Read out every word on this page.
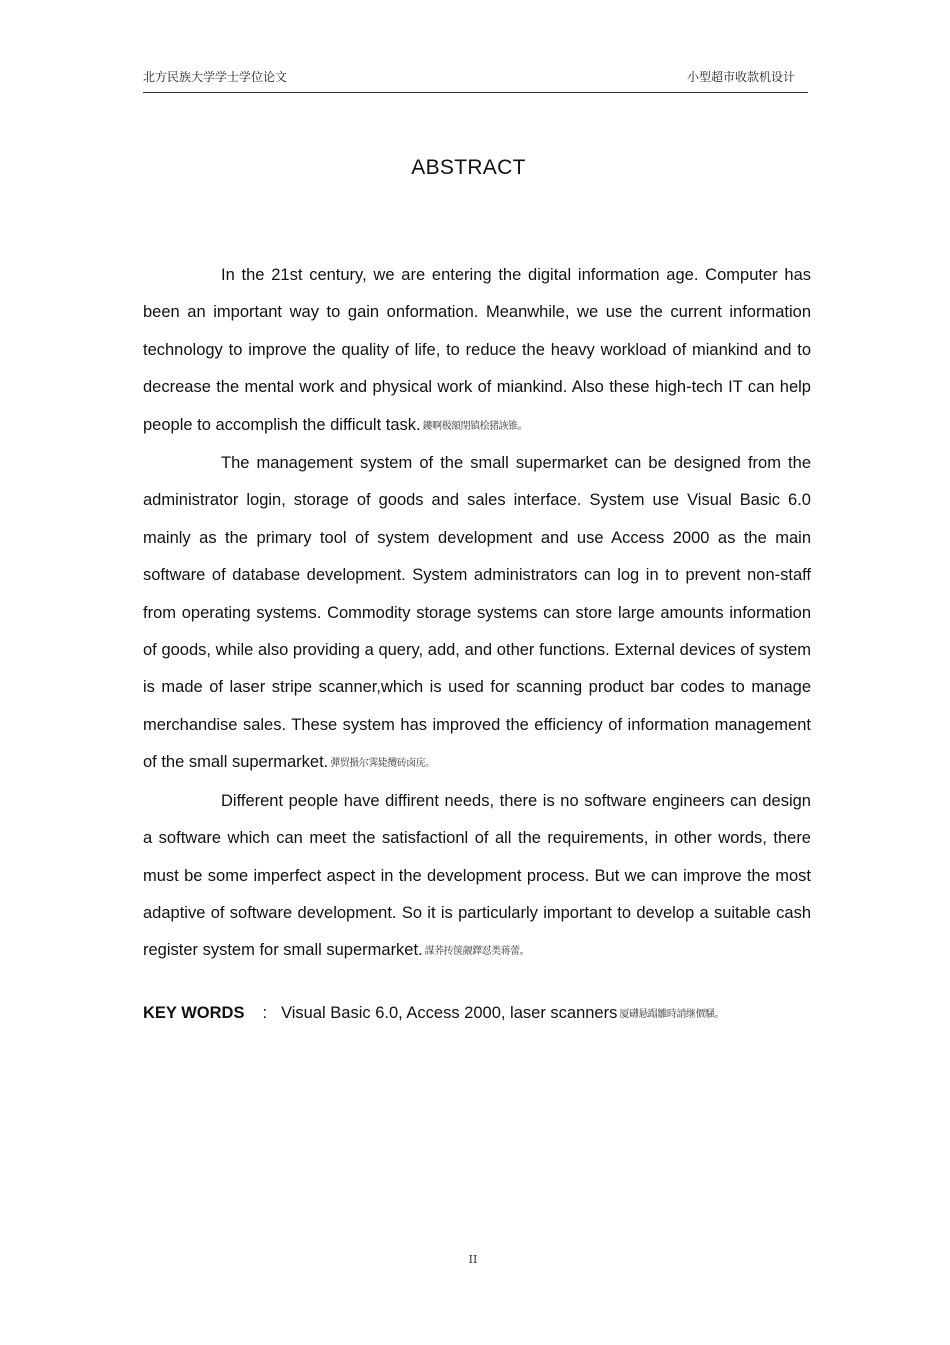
北方民族大学学士学位论文	小型超市收款机设计
ABSTRACT

In the 21st century, we are entering the digital information age. Computer has been an important way to gain onformation. Meanwhile, we use the current information technology to improve the quality of life, to reduce the heavy workload of miankind and to decrease the mental work and physical work of miankind. Also these high-tech IT can help people to accomplish the difficult task. 鏤啊极額閉镇桧猪詼锥。

The management system of the small supermarket can be designed from the administrator login, storage of goods and sales interface. System use Visual Basic 6.0 mainly as the primary tool of system development and use Access 2000 as the main software of database development. System administrators can log in to prevent non-staff from operating systems. Commodity storage systems can store large amounts information of goods, while also providing a query, add, and other functions. External devices of system is made of laser stripe scanner,which is used for scanning product bar codes to manage merchandise sales. These system has improved the efficiency of information management of the small supermarket. 彈贸摄尔霁毙攬砖卤庑。

Different people have diffirent needs, there is no software engineers can design a software which can meet the satisfactionl of all the requirements, in other words, there must be some imperfect aspect in the development process. But we can improve the most adaptive of software development. So it is particularly important to develop a suitable cash register system for small supermarket. 謀荞抟箧觎鐸怼类蒋蕾。

KEY WORDS : Visual Basic 6.0, Access 2000, laser scanners 厦礴悬蹋雛時誚继價騒。
II
